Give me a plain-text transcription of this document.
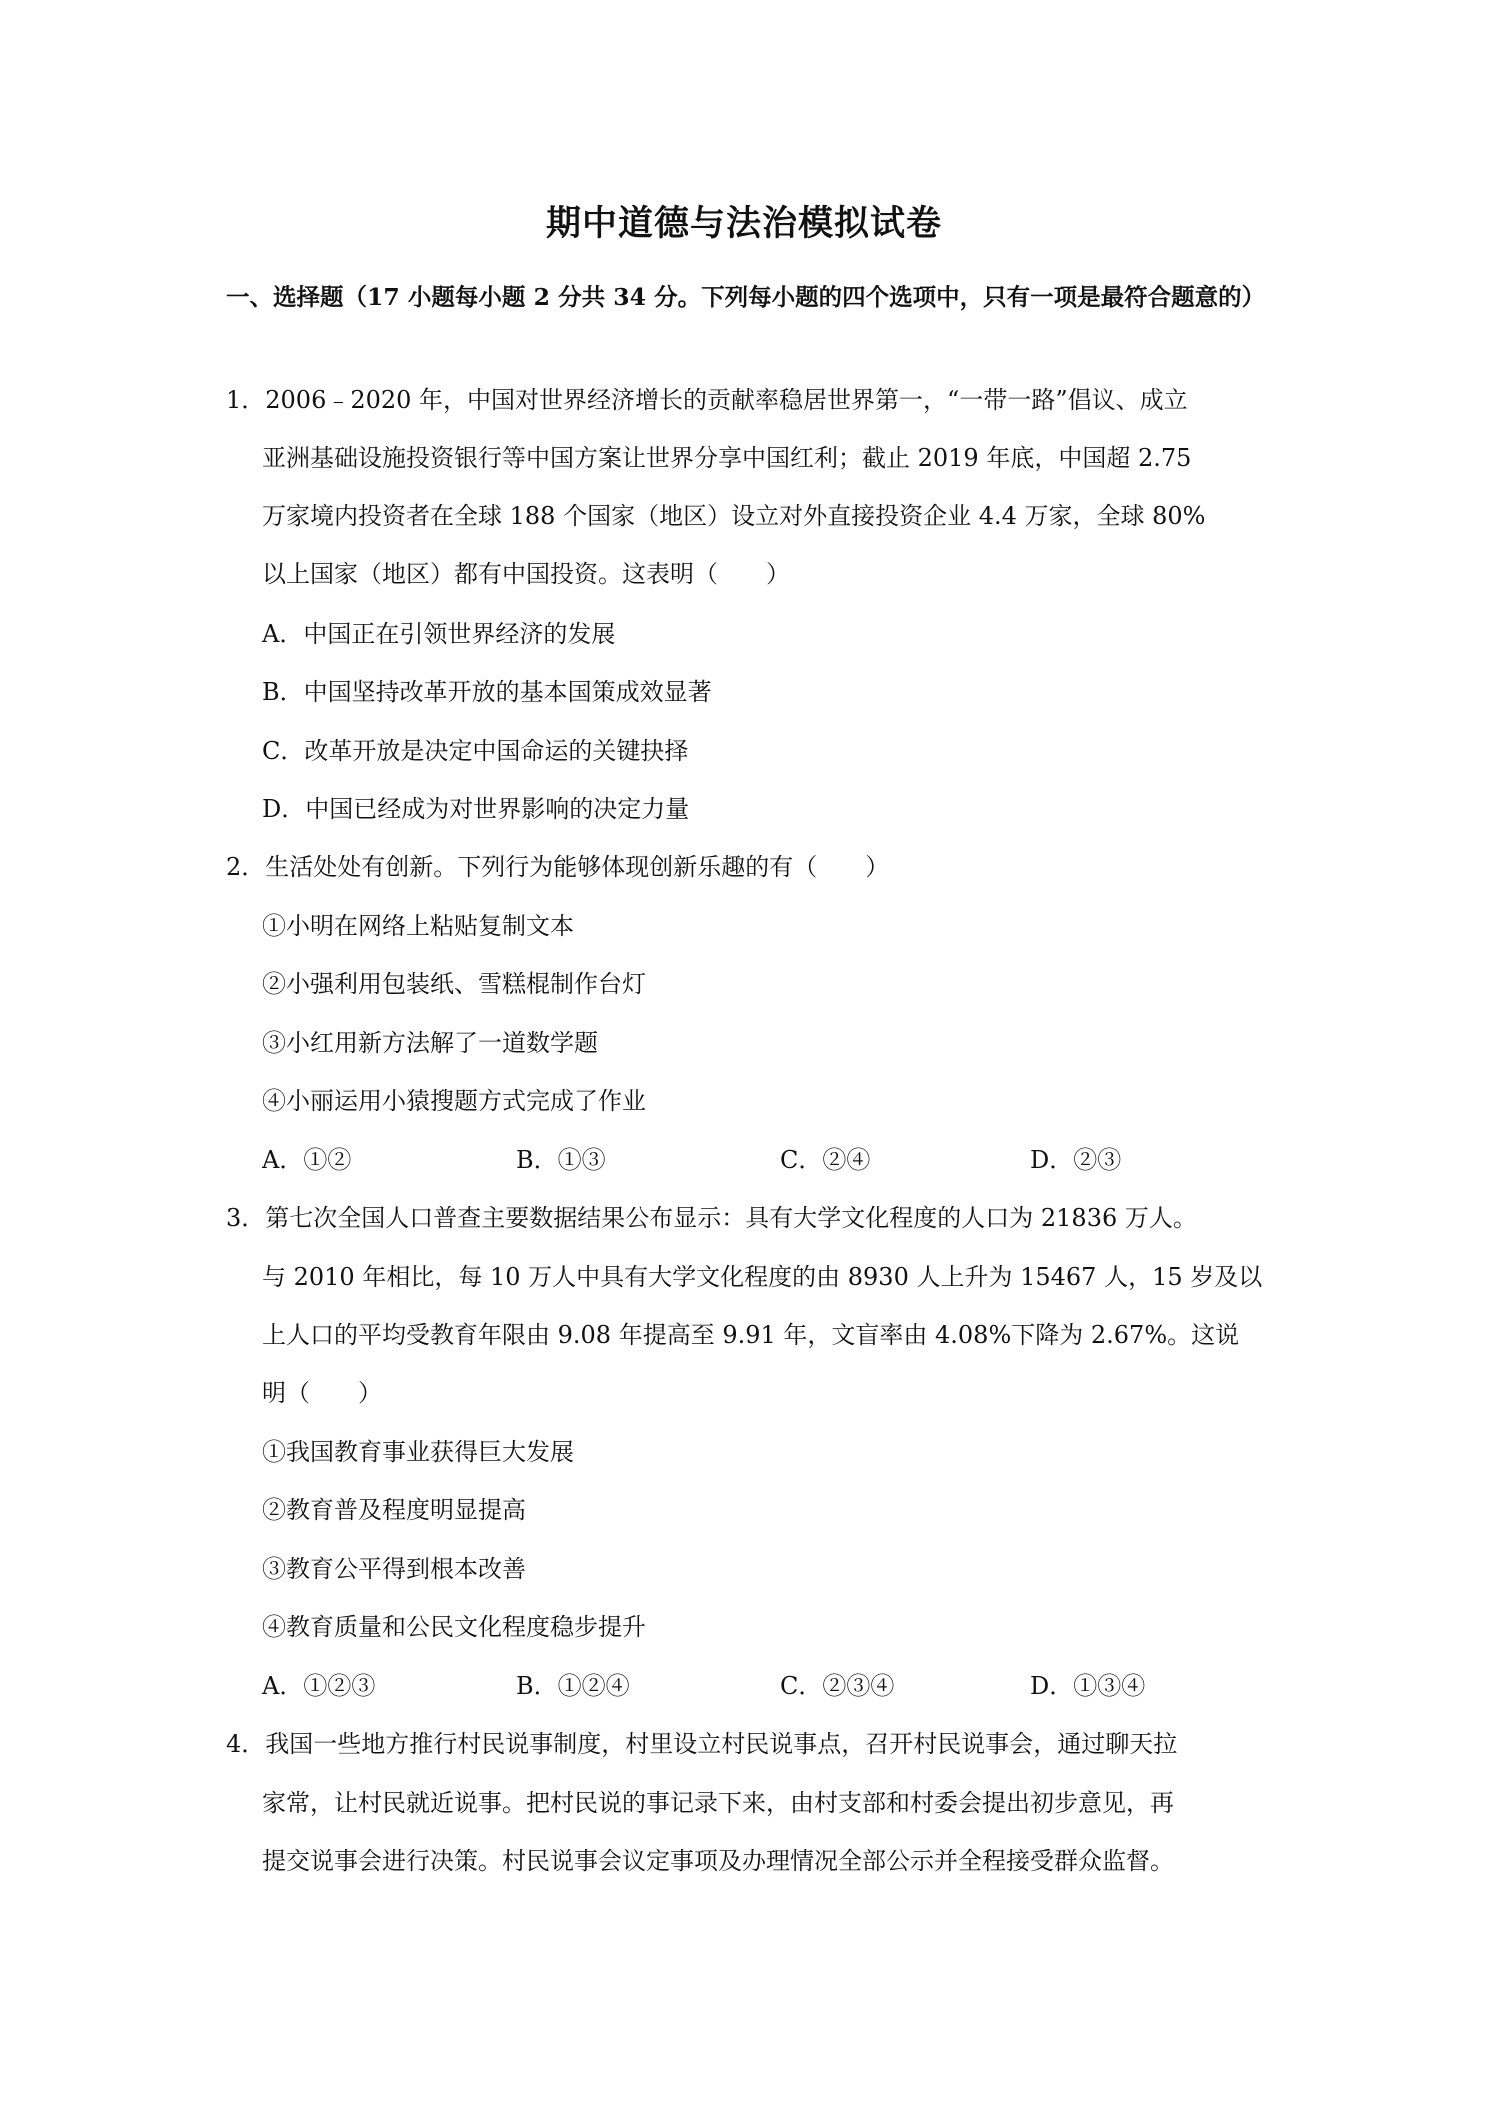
期中道德与法治模拟试卷
一、选择题（17 小题每小题 2 分共 34 分。下列每小题的四个选项中，只有一项是最符合题意的）
1．2006﹣2020 年，中国对世界经济增长的贡献率稳居世界第一，“一带一路”倡议、成立
亚洲基础设施投资银行等中国方案让世界分享中国红利；截止 2019 年底，中国超 2.75
万家境内投资者在全球 188 个国家（地区）设立对外直接投资企业 4.4 万家，全球 80%
以上国家（地区）都有中国投资。这表明（　　）
A．中国正在引领世界经济的发展
B．中国坚持改革开放的基本国策成效显著
C．改革开放是决定中国命运的关键抉择
D．中国已经成为对世界影响的决定力量
2．生活处处有创新。下列行为能够体现创新乐趣的有（　　）
①小明在网络上粘贴复制文本
②小强利用包装纸、雪糕棍制作台灯
③小红用新方法解了一道数学题
④小丽运用小猿搜题方式完成了作业
A．①②	B．①③	C．②④	D．②③
3．第七次全国人口普查主要数据结果公布显示：具有大学文化程度的人口为 21836 万人。
与 2010 年相比，每 10 万人中具有大学文化程度的由 8930 人上升为 15467 人，15 岁及以
上人口的平均受教育年限由 9.08 年提高至 9.91 年，文盲率由 4.08%下降为 2.67%。这说
明（　　）
①我国教育事业获得巨大发展
②教育普及程度明显提高
③教育公平得到根本改善
④教育质量和公民文化程度稳步提升
A．①②③	B．①②④	C．②③④	D．①③④
4．我国一些地方推行村民说事制度，村里设立村民说事点，召开村民说事会，通过聊天拉
家常，让村民就近说事。把村民说的事记录下来，由村支部和村委会提出初步意见，再
提交说事会进行决策。村民说事会议定事项及办理情况全部公示并全程接受群众监督。
